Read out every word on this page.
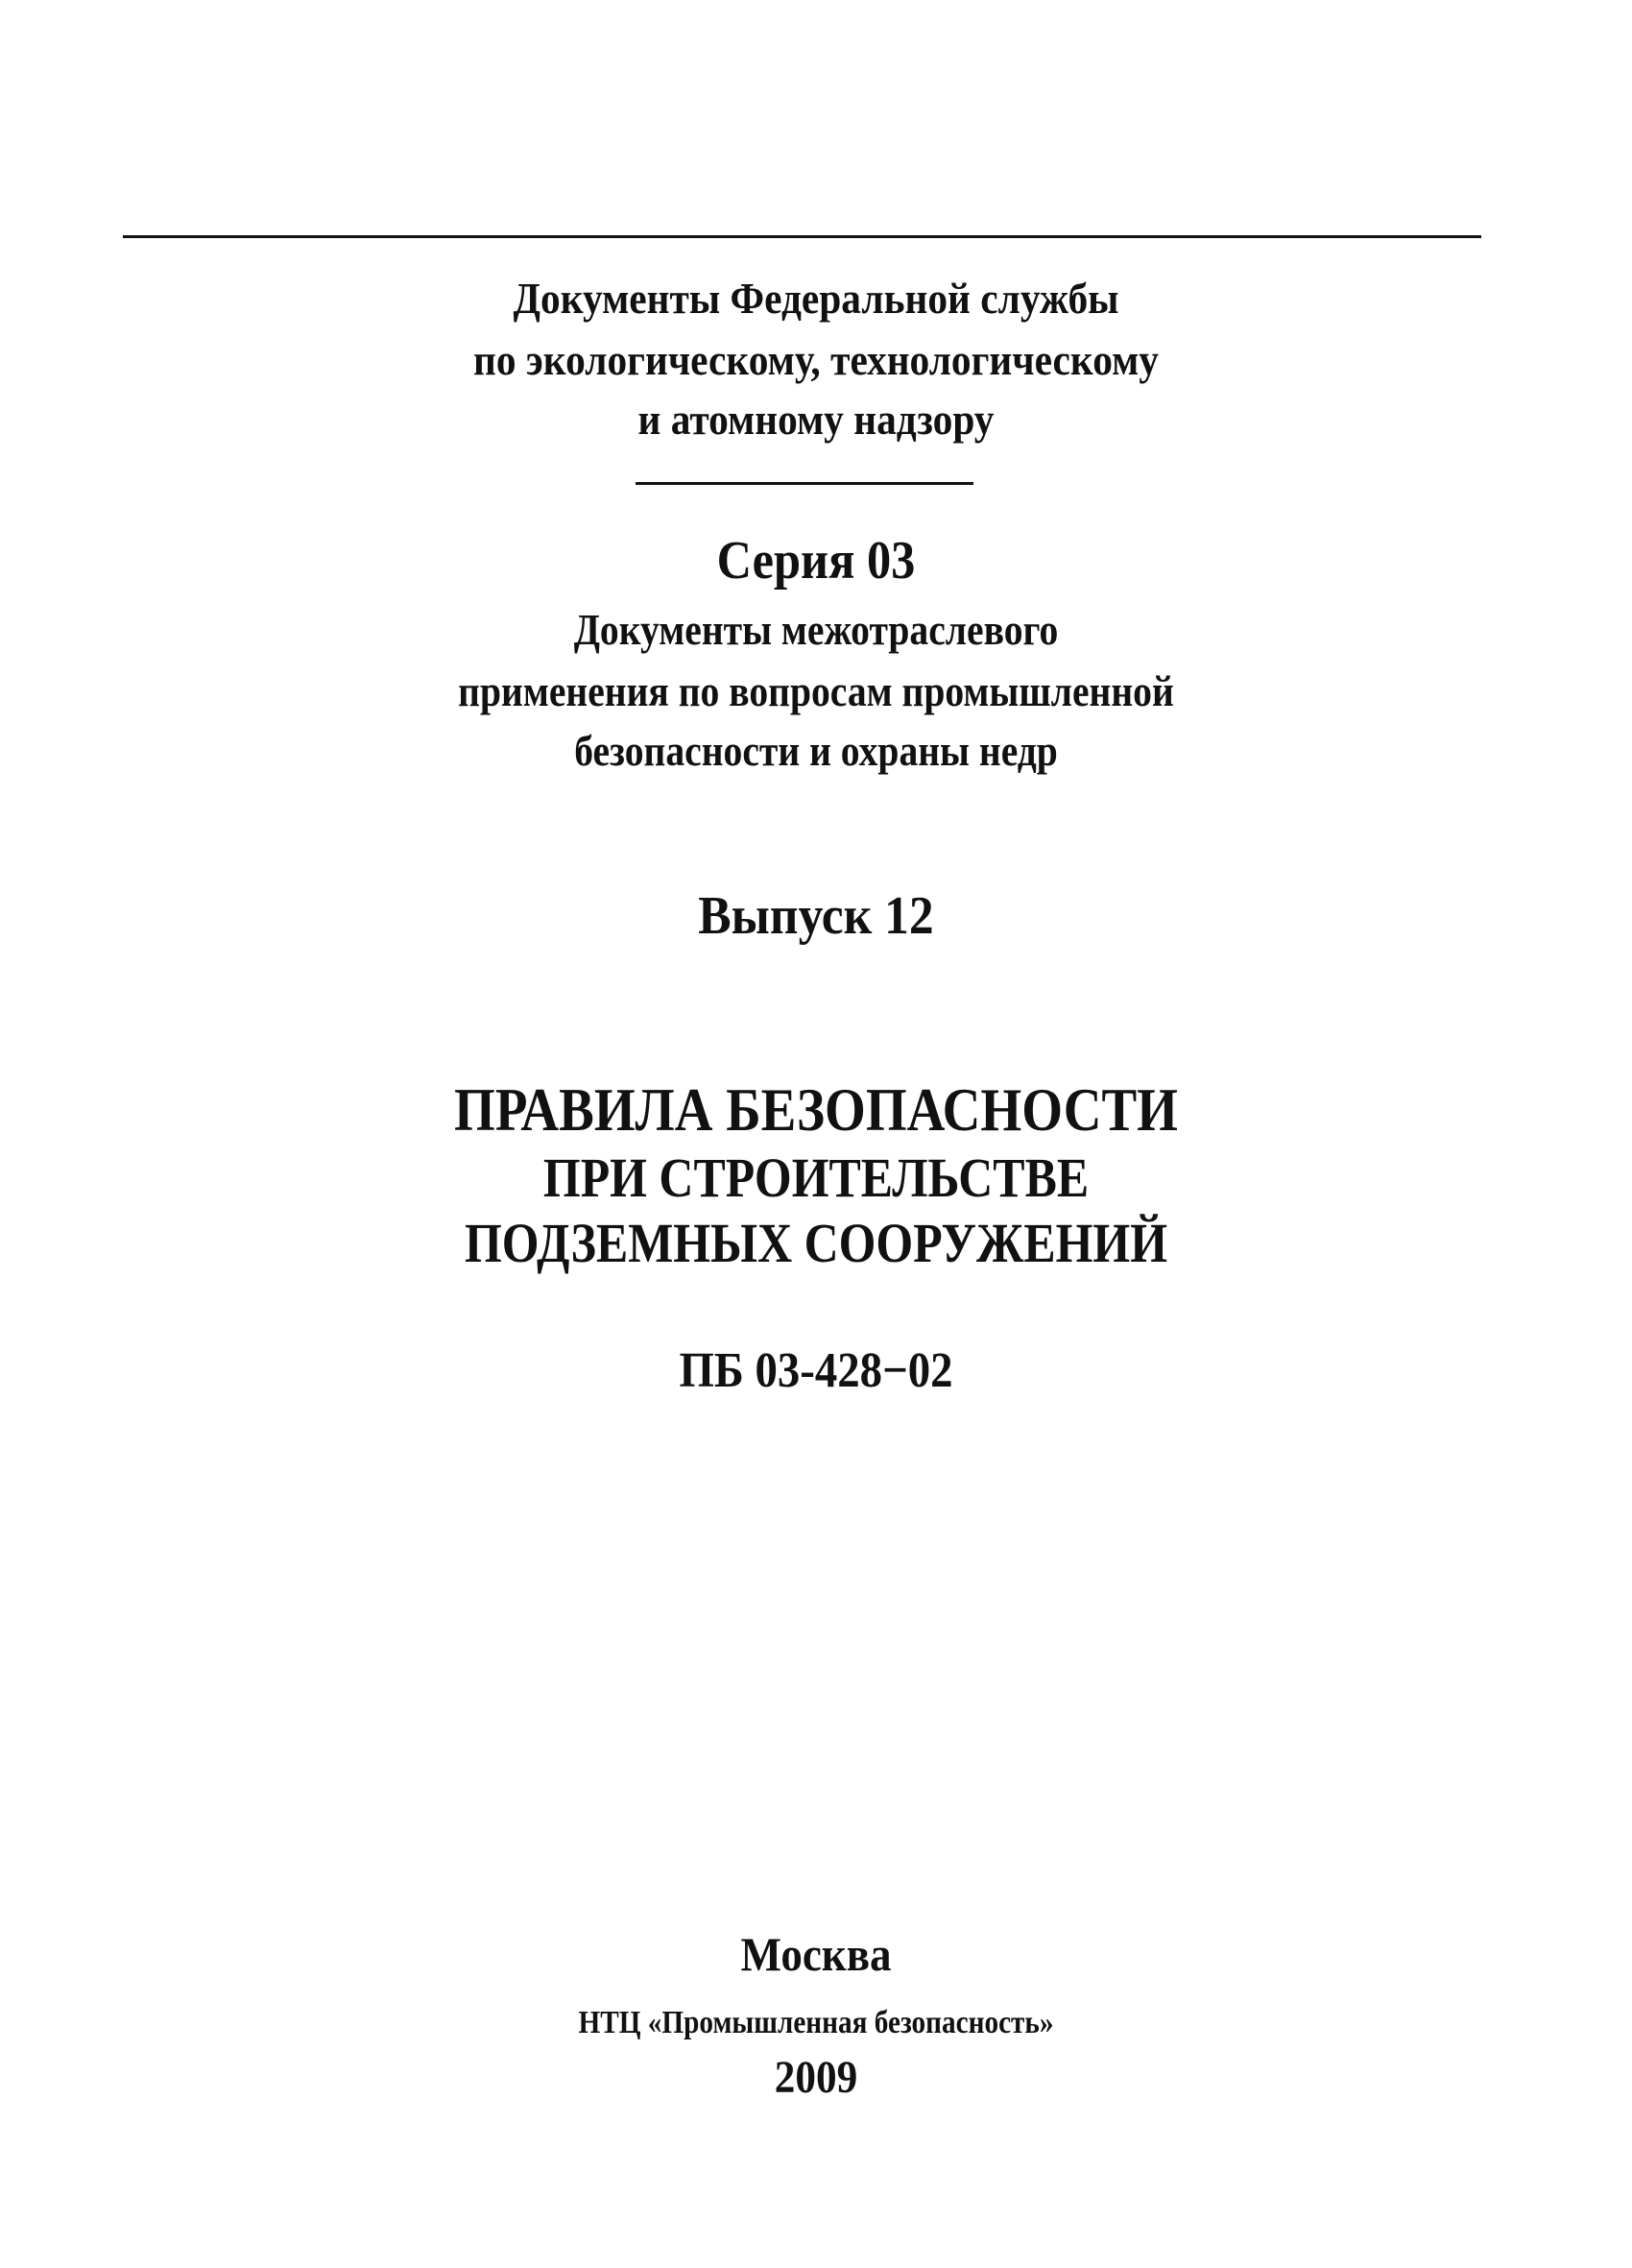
Документы Федеральной службы
по экологическому, технологическому
и атомному надзору
Серия 03
Документы межотраслевого
применения по вопросам промышленной
безопасности и охраны недр
Выпуск 12
ПРАВИЛА БЕЗОПАСНОСТИ
ПРИ СТРОИТЕЛЬСТВЕ
ПОДЗЕМНЫХ СООРУЖЕНИЙ
ПБ 03-428−02
Москва
НТЦ «Промышленная безопасность»
2009
